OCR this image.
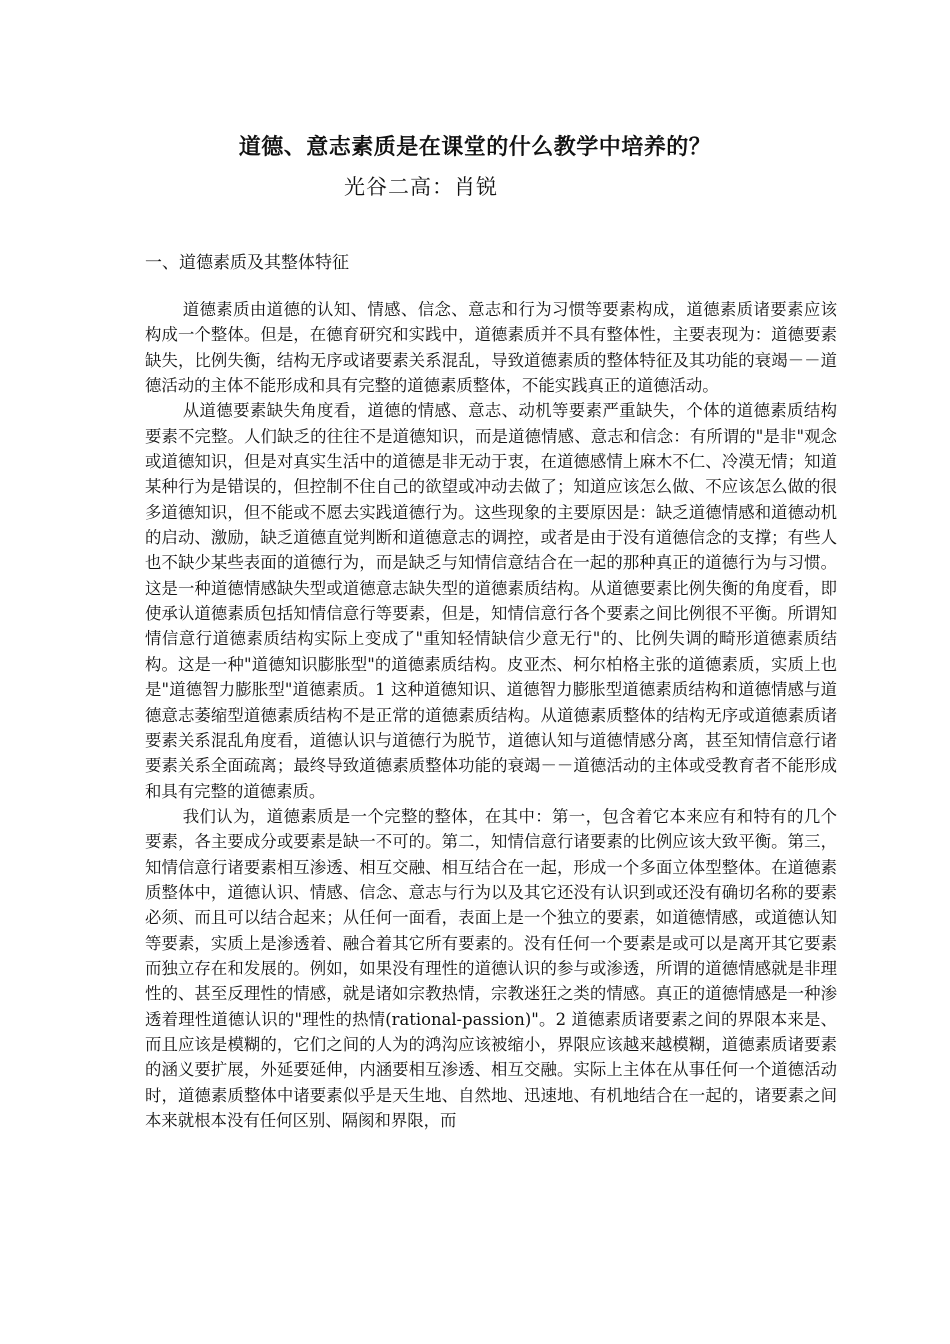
道德、意志素质是在课堂的什么教学中培养的？
光谷二高：肖锐
一、道德素质及其整体特征

道德素质由道德的认知、情感、信念、意志和行为习惯等要素构成，道德素质诸要素应该构成一个整体。但是，在德育研究和实践中，道德素质并不具有整体性，主要表现为：道德要素缺失，比例失衡，结构无序或诸要素关系混乱，导致道德素质的整体特征及其功能的衰竭－－道德活动的主体不能形成和具有完整的道德素质整体，不能实践真正的道德活动。

从道德要素缺失角度看，道德的情感、意志、动机等要素严重缺失，个体的道德素质结构要素不完整。人们缺乏的往往不是道德知识，而是道德情感、意志和信念：有所谓的"是非"观念或道德知识，但是对真实生活中的道德是非无动于衷，在道德感情上麻木不仁、冷漠无情；知道某种行为是错误的，但控制不住自己的欲望或冲动去做了；知道应该怎么做、不应该怎么做的很多道德知识，但不能或不愿去实践道德行为。这些现象的主要原因是：缺乏道德情感和道德动机的启动、激励，缺乏道德直觉判断和道德意志的调控，或者是由于没有道德信念的支撑；有些人也不缺少某些表面的道德行为，而是缺乏与知情信意结合在一起的那种真正的道德行为与习惯。这是一种道德情感缺失型或道德意志缺失型的道德素质结构。从道德要素比例失衡的角度看，即使承认道德素质包括知情信意行等要素，但是，知情信意行各个要素之间比例很不平衡。所谓知情信意行道德素质结构实际上变成了"重知轻情缺信少意无行"的、比例失调的畸形道德素质结构。这是一种"道德知识膨胀型"的道德素质结构。皮亚杰、柯尔柏格主张的道德素质，实质上也是"道德智力膨胀型"道德素质。1 这种道德知识、道德智力膨胀型道德素质结构和道德情感与道德意志萎缩型道德素质结构不是正常的道德素质结构。从道德素质整体的结构无序或道德素质诸要素关系混乱角度看，道德认识与道德行为脱节，道德认知与道德情感分离，甚至知情信意行诸要素关系全面疏离；最终导致道德素质整体功能的衰竭－－道德活动的主体或受教育者不能形成和具有完整的道德素质。

我们认为，道德素质是一个完整的整体，在其中：第一，包含着它本来应有和特有的几个要素，各主要成分或要素是缺一不可的。第二，知情信意行诸要素的比例应该大致平衡。第三，知情信意行诸要素相互渗透、相互交融、相互结合在一起，形成一个多面立体型整体。在道德素质整体中，道德认识、情感、信念、意志与行为以及其它还没有认识到或还没有确切名称的要素必须、而且可以结合起来；从任何一面看，表面上是一个独立的要素，如道德情感，或道德认知等要素，实质上是渗透着、融合着其它所有要素的。没有任何一个要素是或可以是离开其它要素而独立存在和发展的。例如，如果没有理性的道德认识的参与或渗透，所谓的道德情感就是非理性的、甚至反理性的情感，就是诸如宗教热情，宗教迷狂之类的情感。真正的道德情感是一种渗透着理性道德认识的"理性的热情(rational-passion)"。2 道德素质诸要素之间的界限本来是、而且应该是模糊的，它们之间的人为的鸿沟应该被缩小，界限应该越来越模糊，道德素质诸要素的涵义要扩展，外延要延伸，内涵要相互渗透、相互交融。实际上主体在从事任何一个道德活动时，道德素质整体中诸要素似乎是天生地、自然地、迅速地、有机地结合在一起的，诸要素之间本来就根本没有任何区别、隔阂和界限，而
